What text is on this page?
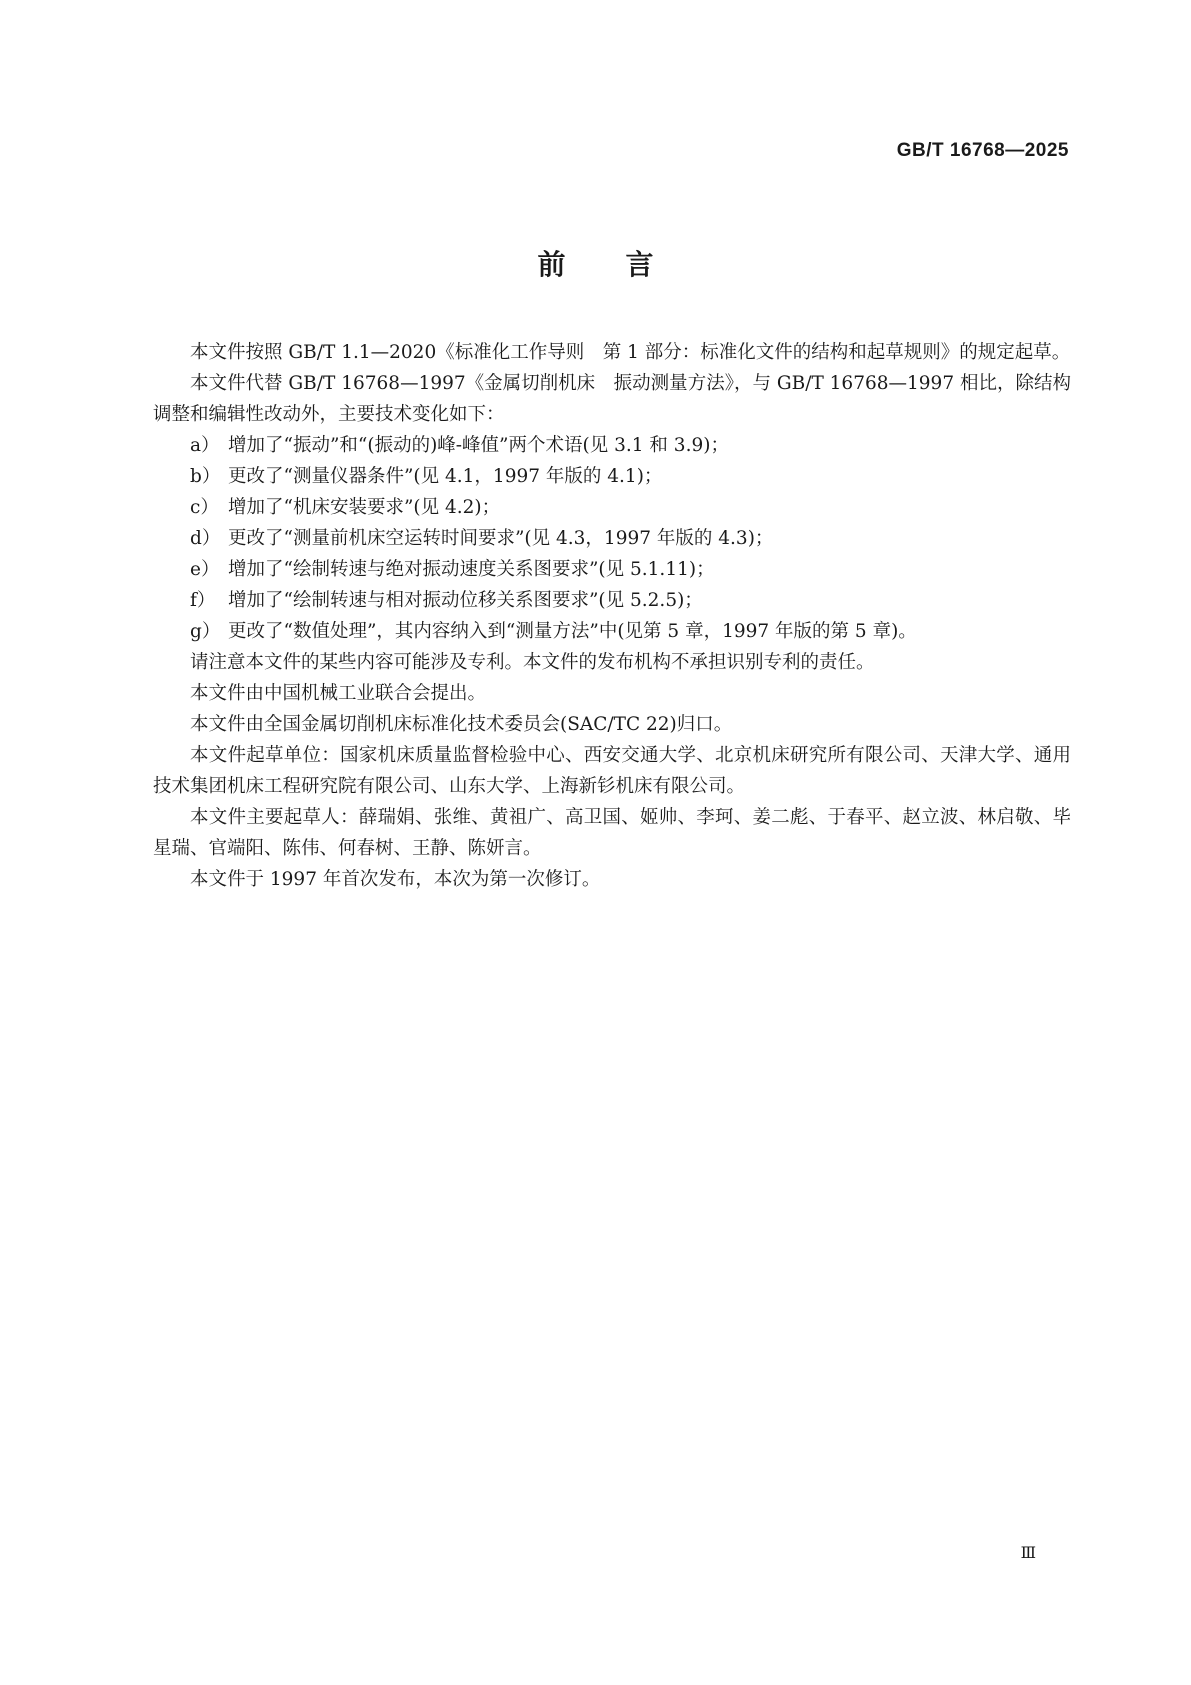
GB/T 16768—2025
前言

本文件按照 GB/T 1.1—2020《标准化工作导则　第 1 部分：标准化文件的结构和起草规则》的规定起草。

本文件代替 GB/T 16768—1997《金属切削机床　振动测量方法》，与 GB/T 16768—1997 相比，除结构调整和编辑性改动外，主要技术变化如下：

a） 增加了“振动”和“(振动的)峰-峰值”两个术语(见 3.1 和 3.9)；

b） 更改了“测量仪器条件”(见 4.1，1997 年版的 4.1)；

c） 增加了“机床安装要求”(见 4.2)；

d） 更改了“测量前机床空运转时间要求”(见 4.3，1997 年版的 4.3)；

e） 增加了“绘制转速与绝对振动速度关系图要求”(见 5.1.11)；

f） 增加了“绘制转速与相对振动位移关系图要求”(见 5.2.5)；

g） 更改了“数值处理”，其内容纳入到“测量方法”中(见第 5 章，1997 年版的第 5 章)。

请注意本文件的某些内容可能涉及专利。本文件的发布机构不承担识别专利的责任。

本文件由中国机械工业联合会提出。

本文件由全国金属切削机床标准化技术委员会(SAC/TC 22)归口。

本文件起草单位：国家机床质量监督检验中心、西安交通大学、北京机床研究所有限公司、天津大学、通用技术集团机床工程研究院有限公司、山东大学、上海新钐机床有限公司。

本文件主要起草人：薛瑞娟、张维、黄祖广、高卫国、姬帅、李珂、姜二彪、于春平、赵立波、林启敬、毕星瑞、官端阳、陈伟、何春树、王静、陈妍言。

本文件于 1997 年首次发布，本次为第一次修订。

Ⅲ
